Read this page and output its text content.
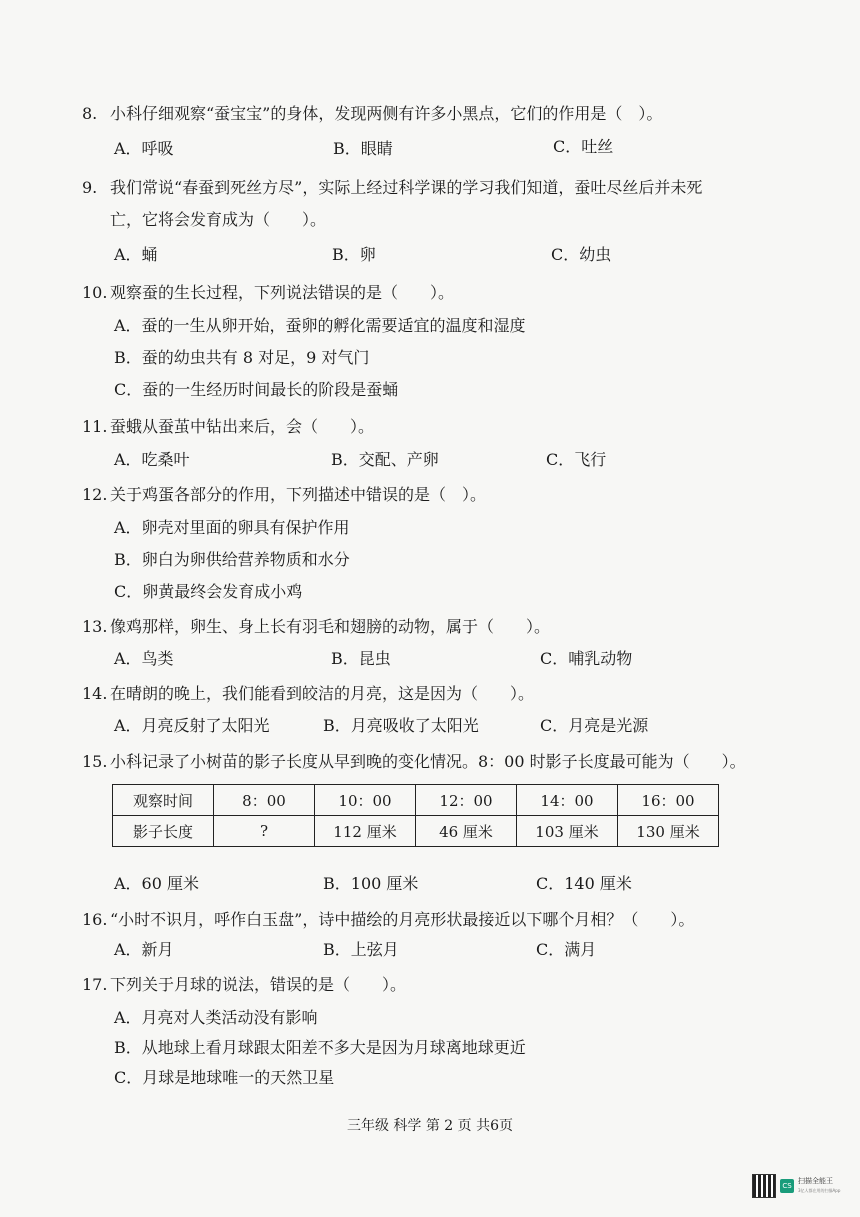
8. 小科仔细观察“蚕宝宝”的身体，发现两侧有许多小黑点，它们的作用是（　）。
A．呼吸	B．眼睛	C．吐丝
9. 我们常说“春蚕到死丝方尽”，实际上经过科学课的学习我们知道，蚕吐尽丝后并未死
亡，它将会发育成为（　　）。
A．蛹	B．卵	C．幼虫
10. 观察蚕的生长过程，下列说法错误的是（　　）。
A．蚕的一生从卵开始，蚕卵的孵化需要适宜的温度和湿度
B．蚕的幼虫共有 8 对足，9 对气门
C．蚕的一生经历时间最长的阶段是蚕蛹
11. 蚕蛾从蚕茧中钻出来后，会（　　）。
A．吃桑叶	B．交配、产卵	C．飞行
12. 关于鸡蛋各部分的作用，下列描述中错误的是（　）。
A．卵壳对里面的卵具有保护作用
B．卵白为卵供给营养物质和水分
C．卵黄最终会发育成小鸡
13. 像鸡那样，卵生、身上长有羽毛和翅膀的动物，属于（　　）。
A．鸟类	B．昆虫	C．哺乳动物
14. 在晴朗的晚上，我们能看到皎洁的月亮，这是因为（　　）。
A．月亮反射了太阳光	B．月亮吸收了太阳光	C．月亮是光源
15. 小科记录了小树苗的影子长度从早到晚的变化情况。8：00 时影子长度最可能为（　　）。
观察时间	8：00	10：00	12：00	14：00	16：00
影子长度	?	112 厘米	46 厘米	103 厘米	130 厘米
A．60 厘米	B．100 厘米	C．140 厘米
16. “小时不识月，呼作白玉盘”，诗中描绘的月亮形状最接近以下哪个月相？（　　）。
A．新月	B．上弦月	C．满月
17. 下列关于月球的说法，错误的是（　　）。
A．月亮对人类活动没有影响
B．从地球上看月球跟太阳差不多大是因为月球离地球更近
C．月球是地球唯一的天然卫星
三年级 科学 第 2 页 共6页
CS
扫描全能王
3亿人都在用的扫描App
